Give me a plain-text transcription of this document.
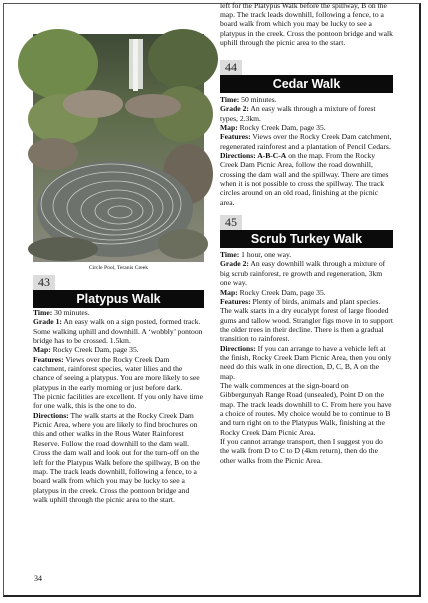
Circle Pool, Teranis Creek
43
Platypus Walk

Time: 30 minutes.

Grade 1: An easy walk on a sign posted, formed track. Some walking uphill and downhill. A ‘wobbly’ pontoon bridge has to be crossed. 1.5km.

Map: Rocky Creek Dam, page 35.

Features: Views over the Rocky Creek Dam catchment, rainforest species, water lilies and the chance of seeing a platypus. You are more likely to see platypus in the early morning or just before dark.

The picnic facilities are excellent. If you only have time for one walk, this is the one to do.

Directions: The walk starts at the Rocky Creek Dam Picnic Area, where you are likely to find brochures on this and other walks in the Rous Water Rainforest Reserve. Follow the road downhill to the dam wall. Cross the dam wall and look out for the turn-off on the left for the Platypus Walk before the spillway, B on the map. The track leads downhill, following a fence, to a board walk from which you may be lucky to see a platypus in the creek. Cross the pontoon bridge and walk uphill through the picnic area to the start.

left for the Platypus Walk before the spillway, B on the map. The track leads downhill, following a fence, to a board walk from which you may be lucky to see a platypus in the creek. Cross the pontoon bridge and walk uphill through the picnic area to the start.

44
Cedar Walk

Time: 50 minutes.

Grade 2: An easy walk through a mixture of forest types, 2.3km.

Map: Rocky Creek Dam, page 35.

Features: Views over the Rocky Creek Dam catchment, regenerated rainforest and a plantation of Pencil Cedars.

Directions: A-B-C-A on the map. From the Rocky Creek Dam Picnic Area, follow the road downhill, crossing the dam wall and the spillway. There are times when it is not possible to cross the spillway. The track circles around on an old road, finishing at the picnic area.

45
Scrub Turkey Walk

Time: 1 hour, one way.

Grade 2: An easy downhill walk through a mixture of big scrub rainforest, re growth and regeneration, 3km one way.

Map: Rocky Creek Dam, page 35.

Features: Plenty of birds, animals and plant species. The walk starts in a dry eucalypt forest of large flooded gums and tallow wood. Strangler figs move in to support the older trees in their decline. There is then a gradual transition to rainforest.

Directions: If you can arrange to have a vehicle left at the finish, Rocky Creek Dam Picnic Area, then you only need do this walk in one direction, D, C, B, A on the map.

The walk commences at the sign-board on Gibbergunyah Range Road (unsealed), Point D on the map. The track leads downhill to C. From here you have a choice of routes. My choice would be to continue to B and turn right on to the Platypus Walk, finishing at the Rocky Creek Dam Picnic Area.

If you cannot arrange transport, then I suggest you do the walk from D to C to D (4km return), then do the other walks from the Picnic Area.

34
